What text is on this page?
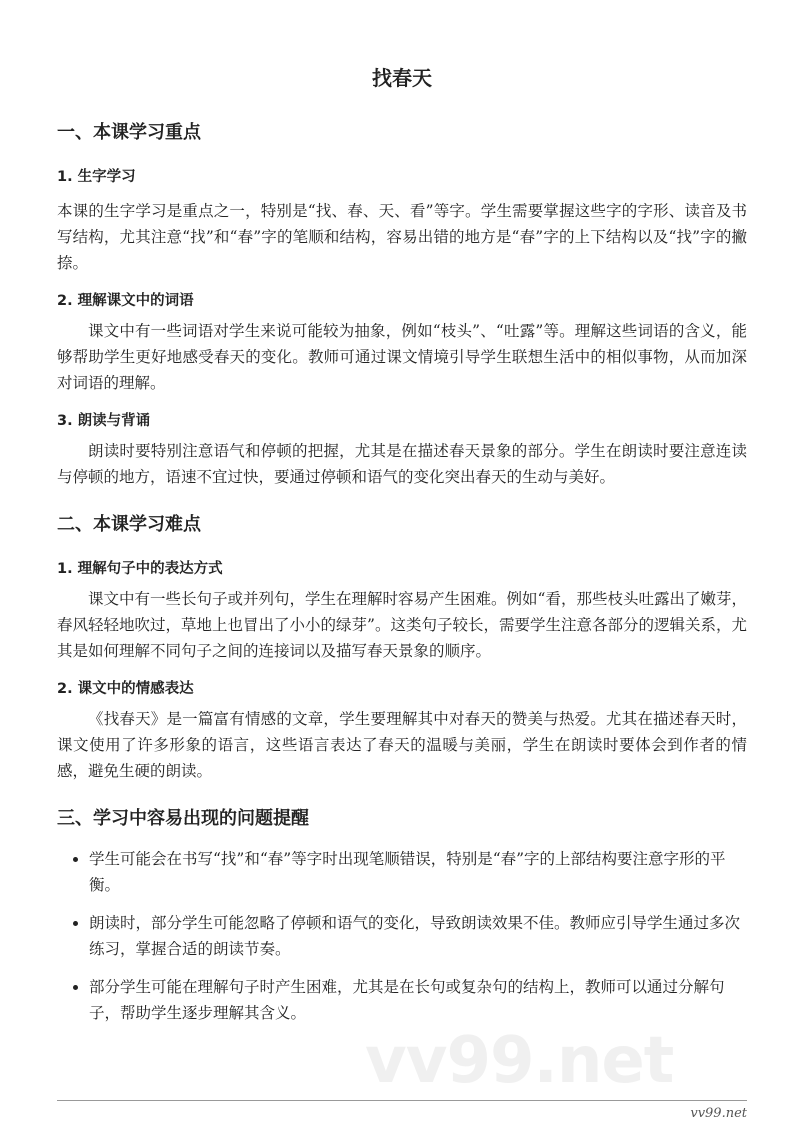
找春天
一、本课学习重点
1. 生字学习

本课的生字学习是重点之一，特别是“找、春、天、看”等字。学生需要掌握这些字的字形、读音及书写结构，尤其注意“找”和“春”字的笔顺和结构，容易出错的地方是“春”字的上下结构以及“找”字的撇捺。

2. 理解课文中的词语

课文中有一些词语对学生来说可能较为抽象，例如“枝头”、“吐露”等。理解这些词语的含义，能够帮助学生更好地感受春天的变化。教师可通过课文情境引导学生联想生活中的相似事物，从而加深对词语的理解。

3. 朗读与背诵

朗读时要特别注意语气和停顿的把握，尤其是在描述春天景象的部分。学生在朗读时要注意连读与停顿的地方，语速不宜过快，要通过停顿和语气的变化突出春天的生动与美好。

二、本课学习难点
1. 理解句子中的表达方式

课文中有一些长句子或并列句，学生在理解时容易产生困难。例如“看，那些枝头吐露出了嫩芽，春风轻轻地吹过，草地上也冒出了小小的绿芽”。这类句子较长，需要学生注意各部分的逻辑关系，尤其是如何理解不同句子之间的连接词以及描写春天景象的顺序。

2. 课文中的情感表达

《找春天》是一篇富有情感的文章，学生要理解其中对春天的赞美与热爱。尤其在描述春天时，课文使用了许多形象的语言，这些语言表达了春天的温暖与美丽，学生在朗读时要体会到作者的情感，避免生硬的朗读。

三、学习中容易出现的问题提醒
• 学生可能会在书写“找”和“春”等字时出现笔顺错误，特别是“春”字的上部结构要注意字形的平衡。
• 朗读时，部分学生可能忽略了停顿和语气的变化，导致朗读效果不佳。教师应引导学生通过多次练习，掌握合适的朗读节奏。
• 部分学生可能在理解句子时产生困难，尤其是在长句或复杂句的结构上，教师可以通过分解句子，帮助学生逐步理解其含义。
vv99.net
vv99.net
